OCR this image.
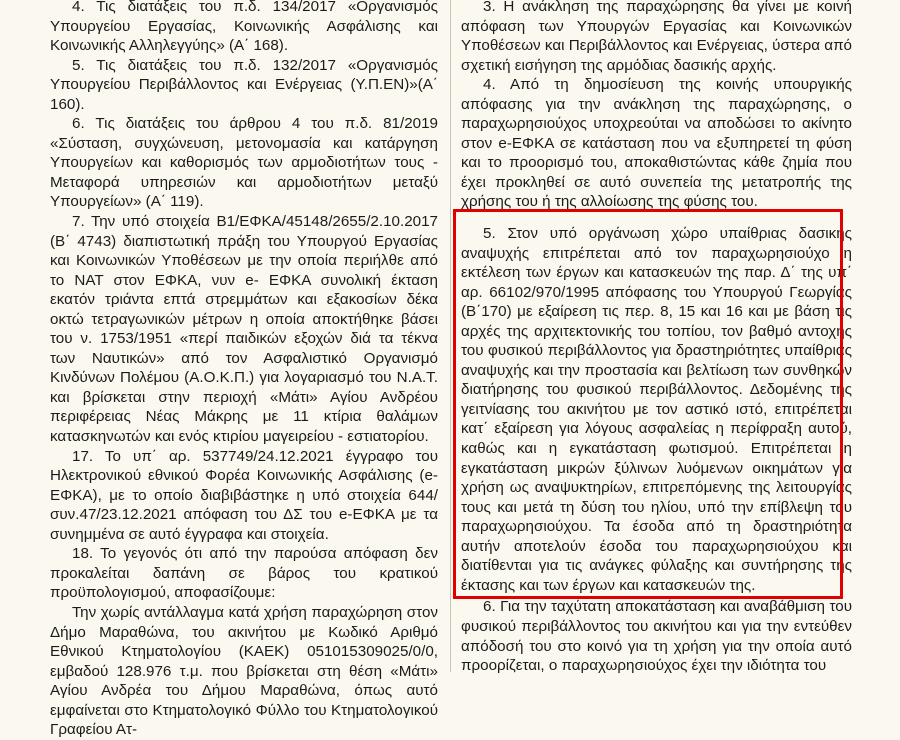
4. Τις διατάξεις του π.δ. 134/2017 «Οργανισμός Υπουργείου Εργασίας, Κοινωνικής Ασφάλισης και Κοινωνικής Αλληλεγγύης» (Α΄ 168).

5. Τις διατάξεις του π.δ. 132/2017 «Οργανισμός Υπουργείου Περιβάλλοντος και Ενέργειας (Υ.Π.ΕΝ)»(Α΄ 160).

6. Τις διατάξεις του άρθρου 4 του π.δ. 81/2019 «Σύσταση, συγχώνευση, μετονομασία και κατάργηση Υπουργείων και καθορισμός των αρμοδιοτήτων τους - Μεταφορά υπηρεσιών και αρμοδιοτήτων μεταξύ Υπουργείων» (Α΄ 119).

7. Την υπό στοιχεία Β1/ΕΦΚΑ/45148/2655/2.10.2017 (Β΄ 4743) διαπιστωτική πράξη του Υπουργού Εργασίας και Κοινωνικών Υποθέσεων με την οποία περιήλθε από το ΝΑΤ στον ΕΦΚΑ, νυν e- ΕΦΚΑ συνολική έκταση εκατόν τριάντα επτά στρεμμάτων και εξακοσίων δέκα οκτώ τετραγωνικών μέτρων η οποία αποκτήθηκε βάσει του ν. 1753/1951 «περί παιδικών εξοχών διά τα τέκνα των Ναυτικών» από τον Ασφαλιστικό Οργανισμό Κινδύνων Πολέμου (Α.Ο.Κ.Π.) για λογαριασμό του Ν.Α.Τ. και βρίσκεται στην περιοχή «Μάτι» Αγίου Ανδρέου περιφέρειας Νέας Μάκρης με 11 κτίρια θαλάμων κατασκηνωτών και ενός κτιρίου μαγειρείου - εστιατορίου.

17. Το υπ΄ αρ. 537749/24.12.2021 έγγραφο του Ηλεκτρονικού εθνικού Φορέα Κοινωνικής Ασφάλισης (e-ΕΦΚΑ), με το οποίο διαβιβάστηκε η υπό στοιχεία 644/συν.47/23.12.2021 απόφαση του ΔΣ του e-ΕΦΚΑ με τα συνημμένα σε αυτό έγγραφα και στοιχεία.

18. Το γεγονός ότι από την παρούσα απόφαση δεν προκαλείται δαπάνη σε βάρος του κρατικού προϋπολογισμού, αποφασίζουμε:

Την χωρίς αντάλλαγμα κατά χρήση παραχώρηση στον Δήμο Μαραθώνα, του ακινήτου με Κωδικό Αριθμό Εθνικού Κτηματολογίου (ΚΑΕΚ) 051015309025/0/0, εμβαδού 128.976 τ.μ. που βρίσκεται στη θέση «Μάτι» Αγίου Ανδρέα του Δήμου Μαραθώνα, όπως αυτό εμφαίνεται στο Κτηματολογικό Φύλλο του Κτηματολογικού Γραφείου Ατ-

3. Η ανάκληση της παραχώρησης θα γίνει με κοινή απόφαση των Υπουργών Εργασίας και Κοινωνικών Υποθέσεων και Περιβάλλοντος και Ενέργειας, ύστερα από σχετική εισήγηση της αρμόδιας δασικής αρχής.

4. Από τη δημοσίευση της κοινής υπουργικής απόφασης για την ανάκληση της παραχώρησης, ο παραχωρησιούχος υποχρεούται να αποδώσει το ακίνητο στον e-ΕΦΚΑ σε κατάσταση που να εξυπηρετεί τη φύση και το προορισμό του, αποκαθιστώντας κάθε ζημία που έχει προκληθεί σε αυτό συνεπεία της μετατροπής της χρήσης του ή της αλλοίωσης της φύσης του.

5. Στον υπό οργάνωση χώρο υπαίθριας δασικής αναψυχής επιτρέπεται από τον παραχωρησιούχο η εκτέλεση των έργων και κατασκευών της παρ. Δ΄ της υπ΄ αρ. 66102/970/1995 απόφασης του Υπουργού Γεωργίας (Β΄170) με εξαίρεση τις περ. 8, 15 και 16 και με βάση τις αρχές της αρχιτεκτονικής του τοπίου, τον βαθμό αντοχής του φυσικού περιβάλλοντος για δραστηριότητες υπαίθριας αναψυχής και την προστασία και βελτίωση των συνθηκών διατήρησης του φυσικού περιβάλλοντος. Δεδομένης της γειτνίασης του ακινήτου με τον αστικό ιστό, επιτρέπεται κατ΄ εξαίρεση για λόγους ασφαλείας η περίφραξη αυτού, καθώς και η εγκατάσταση φωτισμού. Επιτρέπεται η εγκατάσταση μικρών ξύλινων λυόμενων οικημάτων για χρήση ως αναψυκτηρίων, επιτρεπόμενης της λειτουργίας τους και μετά τη δύση του ηλίου, υπό την επίβλεψη του παραχωρησιούχου. Τα έσοδα από τη δραστηριότητα αυτήν αποτελούν έσοδα του παραχωρησιούχου και διατίθενται για τις ανάγκες φύλαξης και συντήρησης της έκτασης και των έργων και κατασκευών της.

6. Για την ταχύτατη αποκατάσταση και αναβάθμιση του φυσικού περιβάλλοντος του ακινήτου και για την εντεύθεν απόδοσή του στο κοινό για τη χρήση για την οποία αυτό προορίζεται, ο παραχωρησιούχος έχει την ιδιότητα του
